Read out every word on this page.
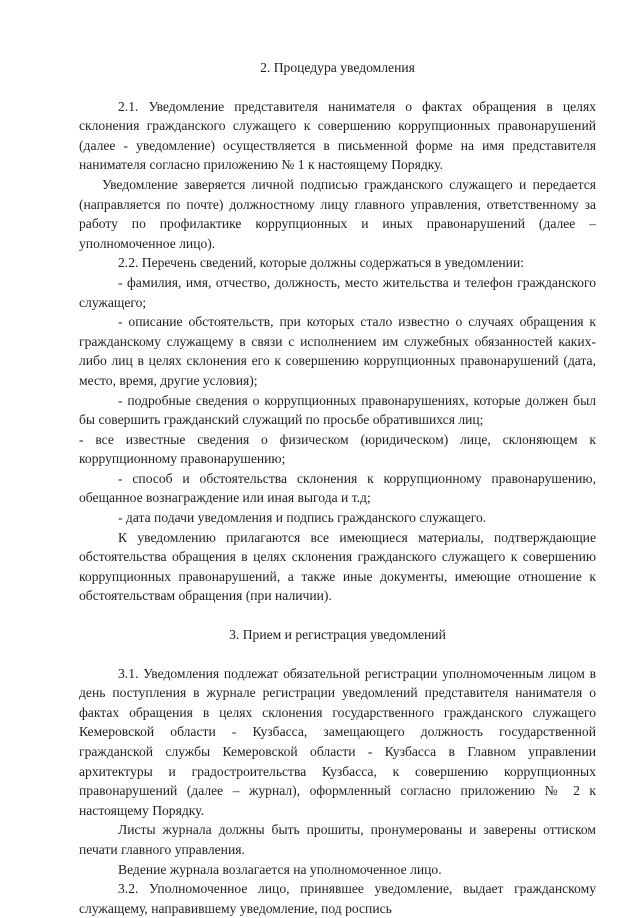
2. Процедура уведомления

2.1. Уведомление представителя нанимателя о фактах обращения в целях склонения гражданского служащего к совершению коррупционных правонарушений (далее - уведомление) осуществляется в письменной форме на имя представителя нанимателя согласно приложению № 1 к настоящему Порядку.

Уведомление заверяется личной подписью гражданского служащего и передается (направляется по почте) должностному лицу главного управления, ответственному за работу по профилактике коррупционных и иных правонарушений (далее – уполномоченное лицо).

2.2. Перечень сведений, которые должны содержаться в уведомлении:

- фамилия, имя, отчество, должность, место жительства и телефон гражданского служащего;

- описание обстоятельств, при которых стало известно о случаях обращения к гражданскому служащему в связи с исполнением им служебных обязанностей каких-либо лиц в целях склонения его к совершению коррупционных правонарушений (дата, место, время, другие условия);

- подробные сведения о коррупционных правонарушениях, которые должен был бы совершить гражданский служащий по просьбе обратившихся лиц;

- все известные сведения о физическом (юридическом) лице, склоняющем к коррупционному правонарушению;

- способ и обстоятельства склонения к коррупционному правонарушению, обещанное вознаграждение или иная выгода и т.д;

- дата подачи уведомления и подпись гражданского служащего.

К уведомлению прилагаются все имеющиеся материалы, подтверждающие обстоятельства обращения в целях склонения гражданского служащего к совершению коррупционных правонарушений, а также иные документы, имеющие отношение к обстоятельствам обращения (при наличии).

3. Прием и регистрация уведомлений

3.1. Уведомления подлежат обязательной регистрации уполномоченным лицом в день поступления в журнале регистрации уведомлений представителя нанимателя о фактах обращения в целях склонения государственного гражданского служащего Кемеровской области - Кузбасса, замещающего должность государственной гражданской службы Кемеровской области - Кузбасса в Главном управлении архитектуры и градостроительства Кузбасса, к совершению коррупционных правонарушений (далее – журнал), оформленный согласно приложению № 2 к настоящему Порядку.

Листы журнала должны быть прошиты, пронумерованы и заверены оттиском печати главного управления.

Ведение журнала возлагается на уполномоченное лицо.

3.2. Уполномоченное лицо, принявшее уведомление, выдает гражданскому служащему, направившему уведомление, под роспись
